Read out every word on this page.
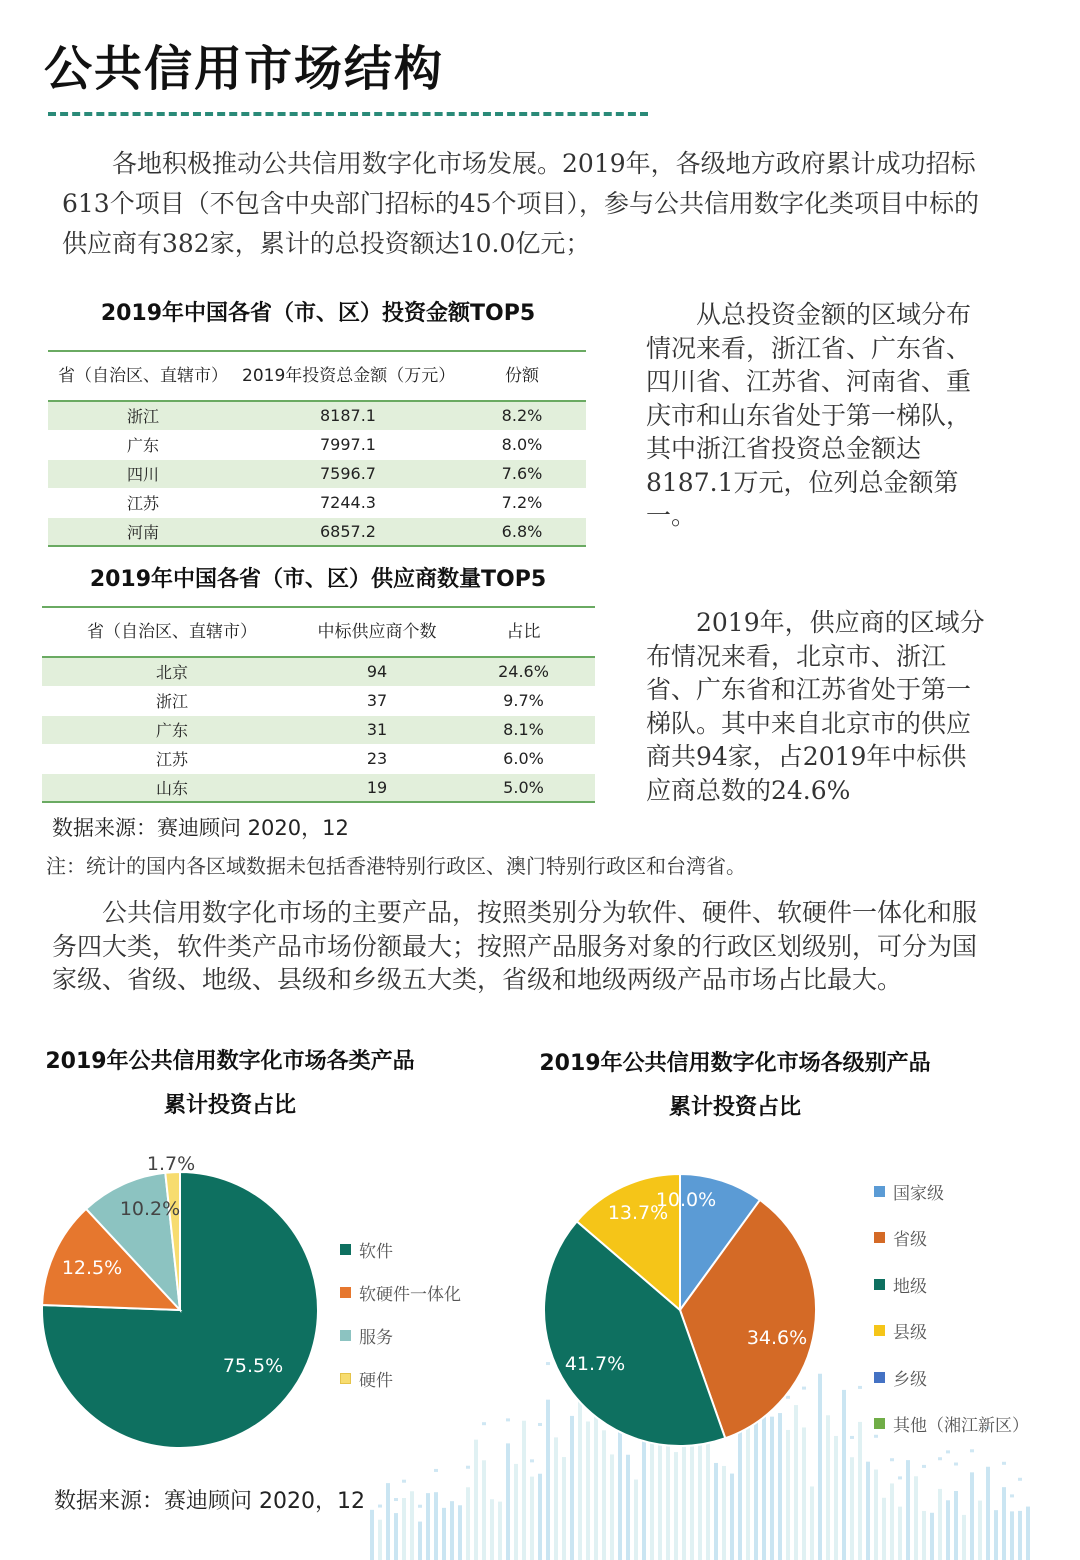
公共信用市场结构

各地积极推动公共信用数字化市场发展。2019年，各级地方政府累计成功招标613个项目（不包含中央部门招标的45个项目），参与公共信用数字化类项目中标的供应商有382家，累计的总投资额达10.0亿元；

2019年中国各省（市、区）投资金额TOP5
省（自治区、直辖市）	2019年投资总金额（万元）	份额
浙江	8187.1	8.2%
广东	7997.1	8.0%
四川	7596.7	7.6%
江苏	7244.3	7.2%
河南	6857.2	6.8%

从总投资金额的区域分布情况来看，浙江省、广东省、四川省、江苏省、河南省、重庆市和山东省处于第一梯队，其中浙江省投资总金额达8187.1万元，位列总金额第一。

2019年中国各省（市、区）供应商数量TOP5
省（自治区、直辖市）	中标供应商个数	占比
北京	94	24.6%
浙江	37	9.7%
广东	31	8.1%
江苏	23	6.0%
山东	19	5.0%

2019年，供应商的区域分布情况来看，北京市、浙江省、广东省和江苏省处于第一梯队。其中来自北京市的供应商共94家，占2019年中标供应商总数的24.6%

数据来源：赛迪顾问 2020，12
注：统计的国内各区域数据未包括香港特别行政区、澳门特别行政区和台湾省。

公共信用数字化市场的主要产品，按照类别分为软件、硬件、软硬件一体化和服务四大类，软件类产品市场份额最大；按照产品服务对象的行政区划级别，可分为国家级、省级、地级、县级和乡级五大类，省级和地级两级产品市场占比最大。

2019年公共信用数字化市场各类产品
累计投资占比
75.5%
12.5%
10.2%
1.7%
软件
软硬件一体化
服务
硬件
2019年公共信用数字化市场各级别产品
累计投资占比
10.0%
34.6%
41.7%
13.7%
国家级
省级
地级
县级
乡级
其他（湘江新区）
数据来源：赛迪顾问 2020，12
